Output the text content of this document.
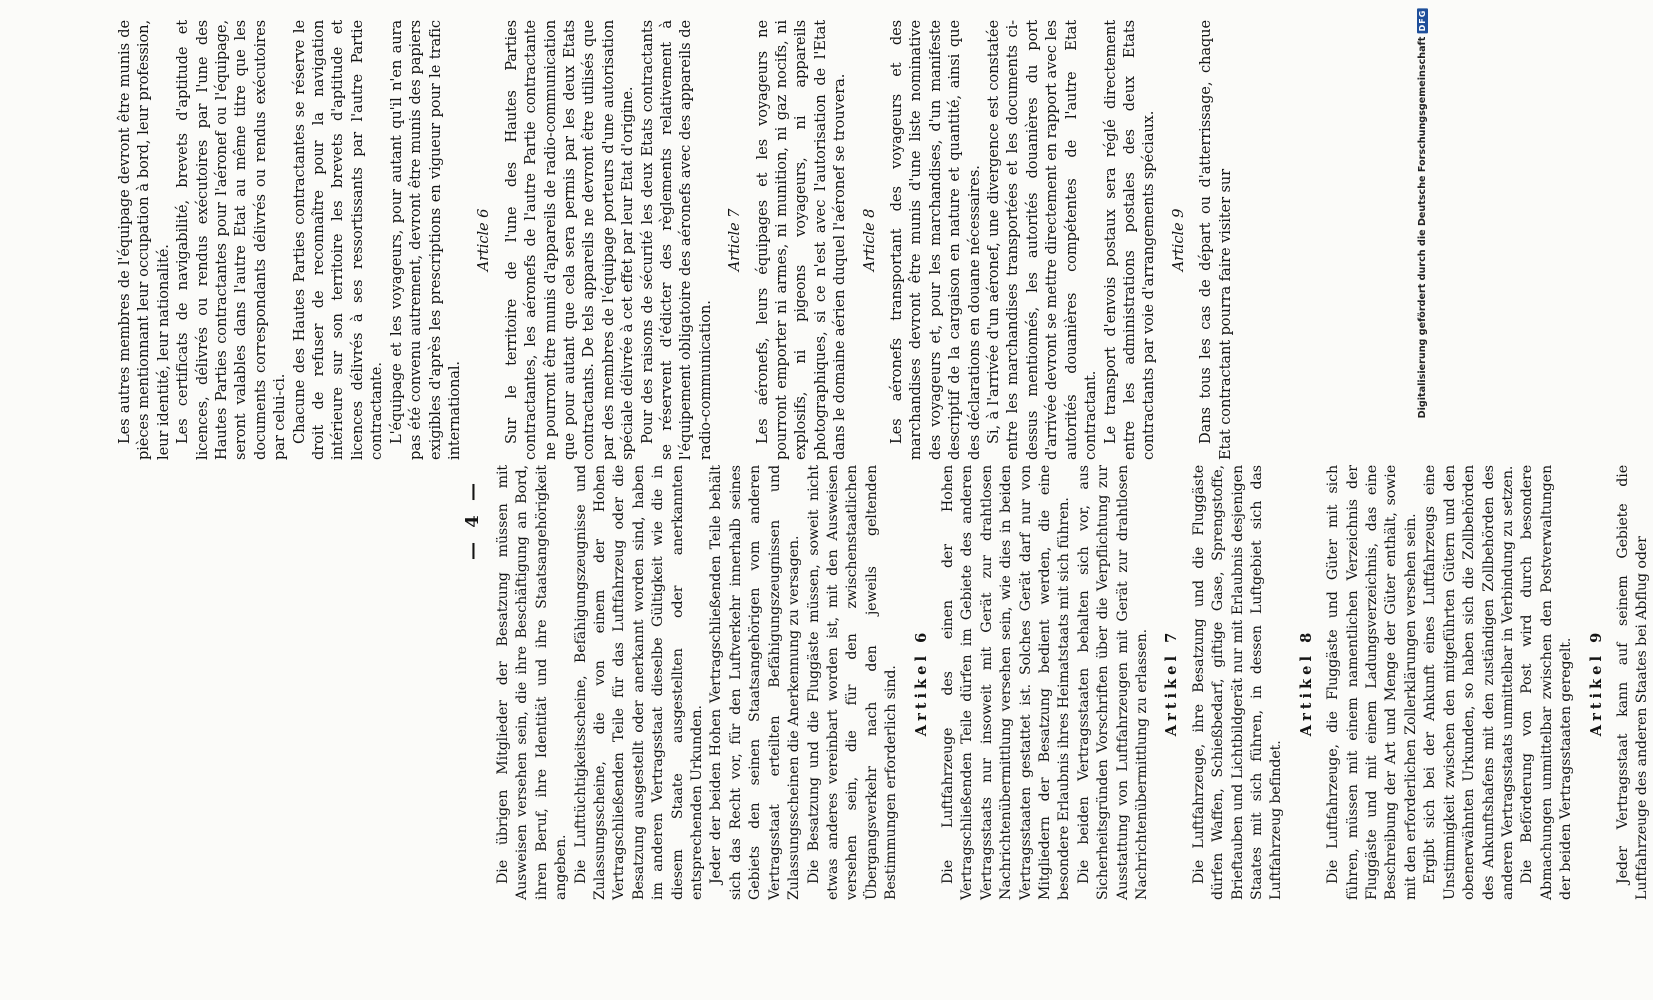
Digitalisierung gefördert durch die Deutsche Forschungsgemeinschaft
DFG
— 4 — Die übrigen Mitglieder der Besatzung müssen mit Ausweisen versehen sein, die ihre Beschäftigung an Bord, ihren Beruf, ihre Identität und ihre Staatsangehörigkeit angeben. Die Lufttüchtigkeitsscheine, Befähigungszeugnisse und Zulassungsscheine, die von einem der Hohen Vertragschließenden Teile für das Luftfahrzeug oder die Besatzung ausgestellt oder anerkannt worden sind, haben im anderen Vertragsstaat dieselbe Gültigkeit wie die in diesem Staate ausgestellten oder anerkannten entsprechenden Urkunden. Jeder der beiden Hohen Vertragschließenden Teile behält sich das Recht vor, für den Luftverkehr innerhalb seines Gebiets den seinen Staatsangehörigen vom anderen Vertragsstaat erteilten Befähigungszeugnissen und Zulassungsscheinen die Anerkennung zu versagen. Die Besatzung und die Fluggäste müssen, soweit nicht etwas anderes vereinbart worden ist, mit den Ausweisen versehen sein, die für den zwischenstaatlichen Übergangsverkehr nach den jeweils geltenden Bestimmungen erforderlich sind. Artikel 6 Die Luftfahrzeuge des einen der Hohen Vertragschließenden Teile dürfen im Gebiete des anderen Vertragsstaats nur insoweit mit Gerät zur drahtlosen Nachrichtenübermittlung versehen sein, wie dies in beiden Vertragsstaaten gestattet ist. Solches Gerät darf nur von Mitgliedern der Besatzung bedient werden, die eine besondere Erlaubnis ihres Heimatstaats mit sich führen. Die beiden Vertragsstaaten behalten sich vor, aus Sicherheitsgründen Vorschriften über die Verpflichtung zur Ausstattung von Luftfahrzeugen mit Gerät zur drahtlosen Nachrichtenübermittlung zu erlassen. Artikel 7 Die Luftfahrzeuge, ihre Besatzung und die Fluggäste dürfen Waffen, Schießbedarf, giftige Gase, Sprengstoffe, Brieftauben und Lichtbildgerät nur mit Erlaubnis desjenigen Staates mit sich führen, in dessen Luftgebiet sich das Luftfahrzeug befindet.

Artikel 8 Die Luftfahrzeuge, die Fluggäste und Güter mit sich führen, müssen mit einem namentlichen Verzeichnis der Fluggäste und mit einem Ladungsverzeichnis, das eine Beschreibung der Art und Menge der Güter enthält, sowie mit den erforderlichen Zollerklärungen versehen sein. Ergibt sich bei der Ankunft eines Luftfahrzeugs eine Unstimmigkeit zwischen den mitgeführten Gütern und den obenerwähnten Urkunden, so haben sich die Zollbehörden des Ankunftshafens mit den zuständigen Zollbehörden des anderen Vertragsstaats unmittelbar in Verbindung zu setzen. Die Beförderung von Post wird durch besondere Abmachungen unmittelbar zwischen den Postverwaltungen der beiden Vertragsstaaten geregelt. Artikel 9 Jeder Vertragsstaat kann auf seinem Gebiete die Luftfahrzeuge des anderen Staates bei Abflug oder

Les autres membres de l'équipage devront être munis de pièces mentionnant leur occupation à bord, leur profession, leur identité, leur nationalité. Les certificats de navigabilité, brevets d'aptitude et licences, délivrés ou rendus exécutoires par l'une des Hautes Parties contractantes pour l'aéronef ou l'équipage, seront valables dans l'autre Etat au même titre que les documents correspondants délivrés ou rendus exécutoires par celui-ci. Chacune des Hautes Parties contractantes se réserve le droit de refuser de reconnaître pour la navigation intérieure sur son territoire les brevets d'aptitude et licences délivrés à ses ressortissants par l'autre Partie contractante. L'équipage et les voyageurs, pour autant qu'il n'en aura pas été convenu autrement, devront être munis des papiers exigibles d'après les prescriptions en vigueur pour le trafic international.

Article 6 Sur le territoire de l'une des Hautes Parties contractantes, les aéronefs de l'autre Partie contractante ne pourront être munis d'appareils de radio-communication que pour autant que cela sera permis par les deux Etats contractants. De tels appareils ne devront être utilisés que par des membres de l'équipage porteurs d'une autorisation spéciale délivrée à cet effet par leur Etat d'origine. Pour des raisons de sécurité les deux Etats contractants se réservent d'édicter des règlements relativement à l'équipement obligatoire des aéronefs avec des appareils de radio-communication.

Article 7 Les aéronefs, leurs équipages et les voyageurs ne pourront emporter ni armes, ni munition, ni gaz nocifs, ni explosifs, ni pigeons voyageurs, ni appareils photographiques, si ce n'est avec l'autorisation de l'Etat dans le domaine aérien duquel l'aéronef se trouvera. Article 8 Les aéronefs transportant des voyageurs et des marchandises devront être munis d'une liste nominative des voyageurs et, pour les marchandises, d'un manifeste descriptif de la cargaison en nature et quantité, ainsi que des déclarations en douane nécessaires. Si, à l'arrivée d'un aéronef, une divergence est constatée entre les marchandises transportées et les documents ci-dessus mentionnés, les autorités douanières du port d'arrivée devront se mettre directement en rapport avec les autorités douanières compétentes de l'autre Etat contractant. Le transport d'envois postaux sera réglé directement entre les administrations postales des deux Etats contractants par voie d'arrangements spéciaux. Article 9 Dans tous les cas de départ ou d'atterrissage, chaque Etat contractant pourra faire visiter sur
